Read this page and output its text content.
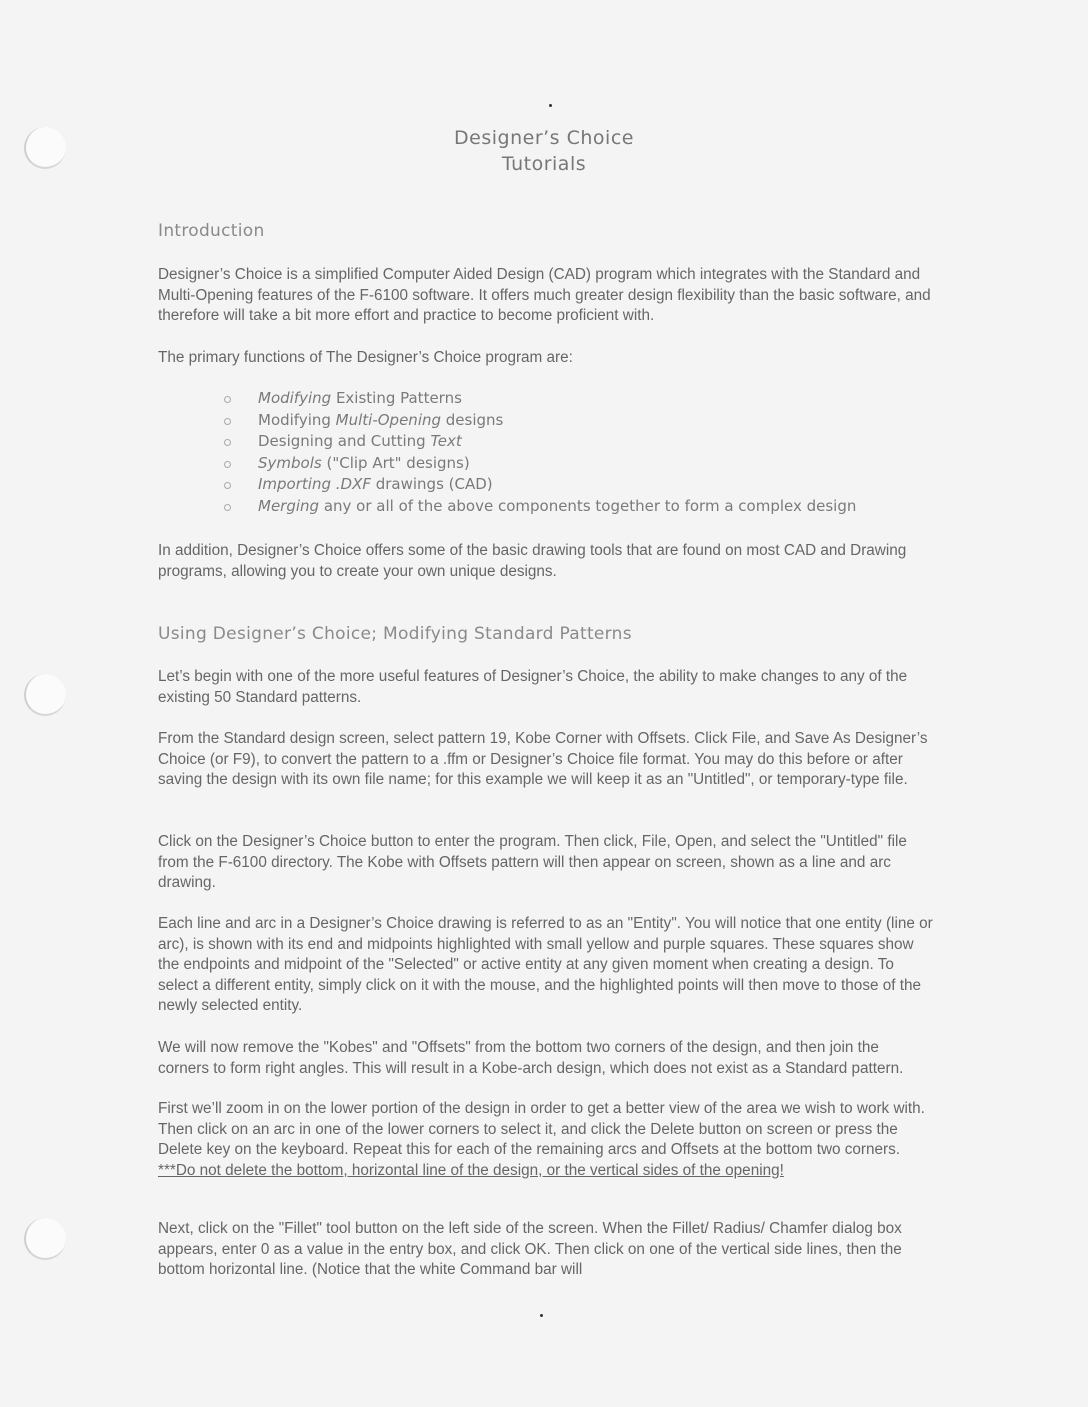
Designer’s Choice
Tutorials
Introduction

Designer’s Choice is a simplified Computer Aided Design (CAD) program which integrates with the Standard and Multi-Opening features of the F-6100 software. It offers much greater design flexibility than the basic software, and therefore will take a bit more effort and practice to become proficient with.

The primary functions of The Designer’s Choice program are:

Modifying Existing Patterns
Modifying Multi-Opening designs
Designing and Cutting Text
Symbols ("Clip Art" designs)
Importing .DXF drawings (CAD)
Merging any or all of the above components together to form a complex design

In addition, Designer’s Choice offers some of the basic drawing tools that are found on most CAD and Drawing programs, allowing you to create your own unique designs.

Using Designer’s Choice; Modifying Standard Patterns

Let’s begin with one of the more useful features of Designer’s Choice, the ability to make changes to any of the existing 50 Standard patterns.

From the Standard design screen, select pattern 19, Kobe Corner with Offsets. Click File, and Save As Designer’s Choice (or F9), to convert the pattern to a .ffm or Designer’s Choice file format. You may do this before or after saving the design with its own file name; for this example we will keep it as an "Untitled", or temporary-type file.

Click on the Designer’s Choice button to enter the program. Then click, File, Open, and select the "Untitled" file from the F-6100 directory. The Kobe with Offsets pattern will then appear on screen, shown as a line and arc drawing.

Each line and arc in a Designer’s Choice drawing is referred to as an "Entity". You will notice that one entity (line or arc), is shown with its end and midpoints highlighted with small yellow and purple squares. These squares show the endpoints and midpoint of the "Selected" or active entity at any given moment when creating a design. To select a different entity, simply click on it with the mouse, and the highlighted points will then move to those of the newly selected entity.

We will now remove the "Kobes" and "Offsets" from the bottom two corners of the design, and then join the corners to form right angles. This will result in a Kobe-arch design, which does not exist as a Standard pattern.

First we’ll zoom in on the lower portion of the design in order to get a better view of the area we wish to work with. Then click on an arc in one of the lower corners to select it, and click the Delete button on screen or press the Delete key on the keyboard. Repeat this for each of the remaining arcs and Offsets at the bottom two corners. ***Do not delete the bottom, horizontal line of the design, or the vertical sides of the opening!

Next, click on the "Fillet" tool button on the left side of the screen. When the Fillet/ Radius/ Chamfer dialog box appears, enter 0 as a value in the entry box, and click OK. Then click on one of the vertical side lines, then the bottom horizontal line. (Notice that the white Command bar will
